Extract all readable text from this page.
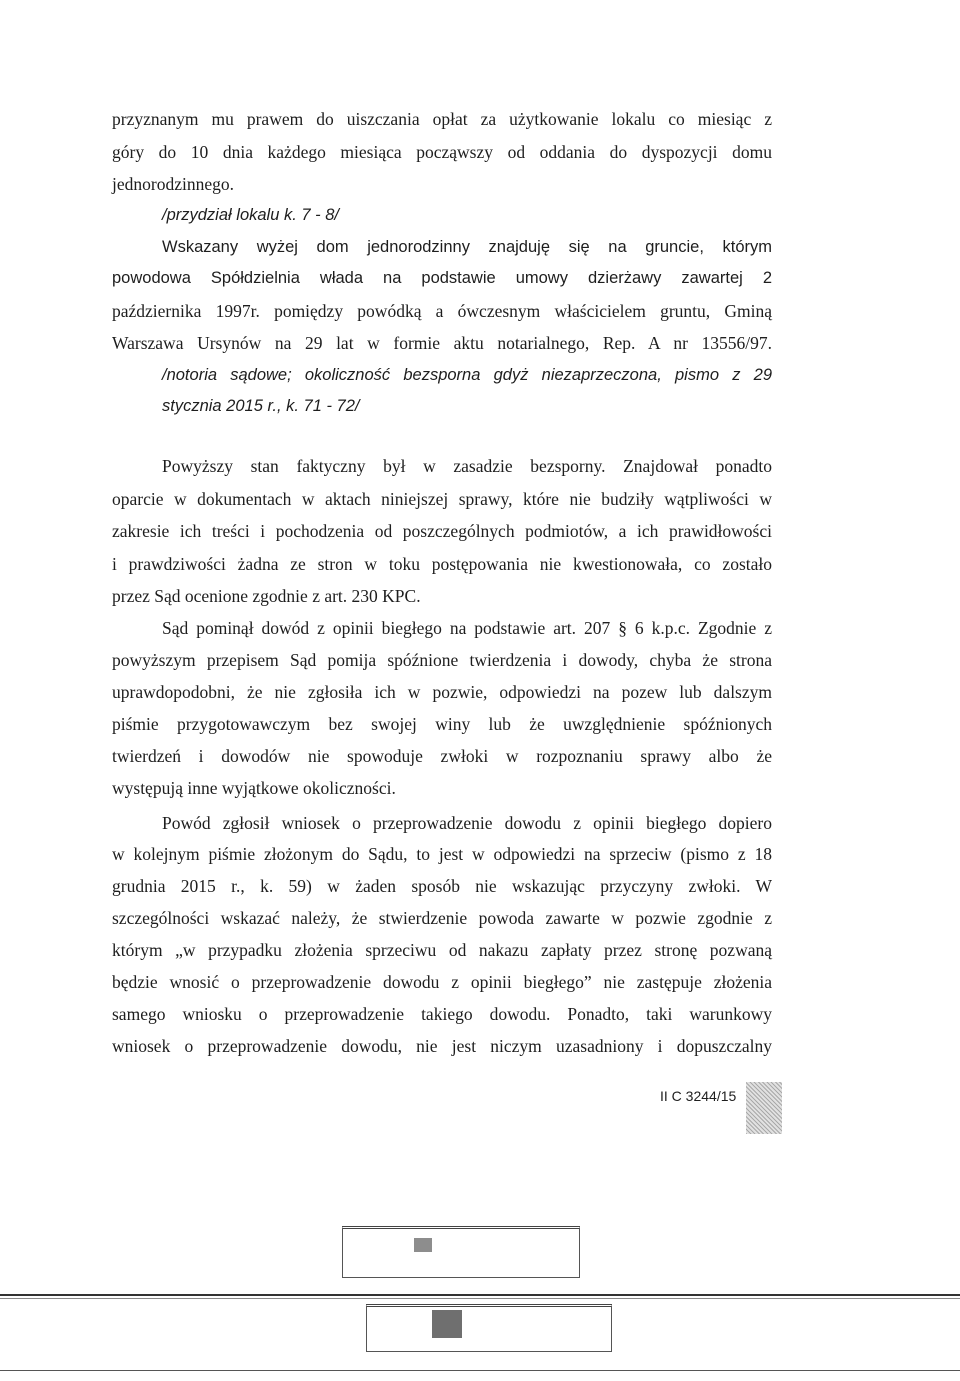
przyznanym mu prawem do uiszczania opłat za użytkowanie lokalu co miesiąc z
góry do 10 dnia każdego miesiąca począwszy od oddania do dyspozycji domu
jednorodzinnego.
/przydział lokalu k. 7 - 8/
Wskazany wyżej dom jednorodzinny znajduję się na gruncie, którym
powodowa Spółdzielnia włada na podstawie umowy dzierżawy zawartej 2
października 1997r. pomiędzy powódką a ówczesnym właścicielem gruntu, Gminą
Warszawa Ursynów na 29 lat w formie aktu notarialnego, Rep. A nr 13556/97.
/notoria sądowe; okoliczność bezsporna gdyż niezaprzeczona, pismo z 29
stycznia 2015 r., k. 71 - 72/
Powyższy stan faktyczny był w zasadzie bezsporny. Znajdował ponadto
oparcie w dokumentach w aktach niniejszej sprawy, które nie budziły wątpliwości w
zakresie ich treści i pochodzenia od poszczególnych podmiotów, a ich prawidłowości
i prawdziwości żadna ze stron w toku postępowania nie kwestionowała, co zostało
przez Sąd ocenione zgodnie z art. 230 KPC.
Sąd pominął dowód z opinii biegłego na podstawie art. 207 § 6 k.p.c. Zgodnie z
powyższym przepisem Sąd pomija spóźnione twierdzenia i dowody, chyba że strona
uprawdopodobni, że nie zgłosiła ich w pozwie, odpowiedzi na pozew lub dalszym
piśmie przygotowawczym bez swojej winy lub że uwzględnienie spóźnionych
twierdzeń i dowodów nie spowoduje zwłoki w rozpoznaniu sprawy albo że
występują inne wyjątkowe okoliczności.
Powód zgłosił wniosek o przeprowadzenie dowodu z opinii biegłego dopiero
w kolejnym piśmie złożonym do Sądu, to jest w odpowiedzi na sprzeciw (pismo z 18
grudnia 2015 r., k. 59) w żaden sposób nie wskazując przyczyny zwłoki. W
szczególności wskazać należy, że stwierdzenie powoda zawarte w pozwie zgodnie z
którym „w przypadku złożenia sprzeciwu od nakazu zapłaty przez stronę pozwaną
będzie wnosić o przeprowadzenie dowodu z opinii biegłego” nie zastępuje złożenia
samego wniosku o przeprowadzenie takiego dowodu. Ponadto, taki warunkowy
wniosek o przeprowadzenie dowodu, nie jest niczym uzasadniony i dopuszczalny
II C 3244/15
